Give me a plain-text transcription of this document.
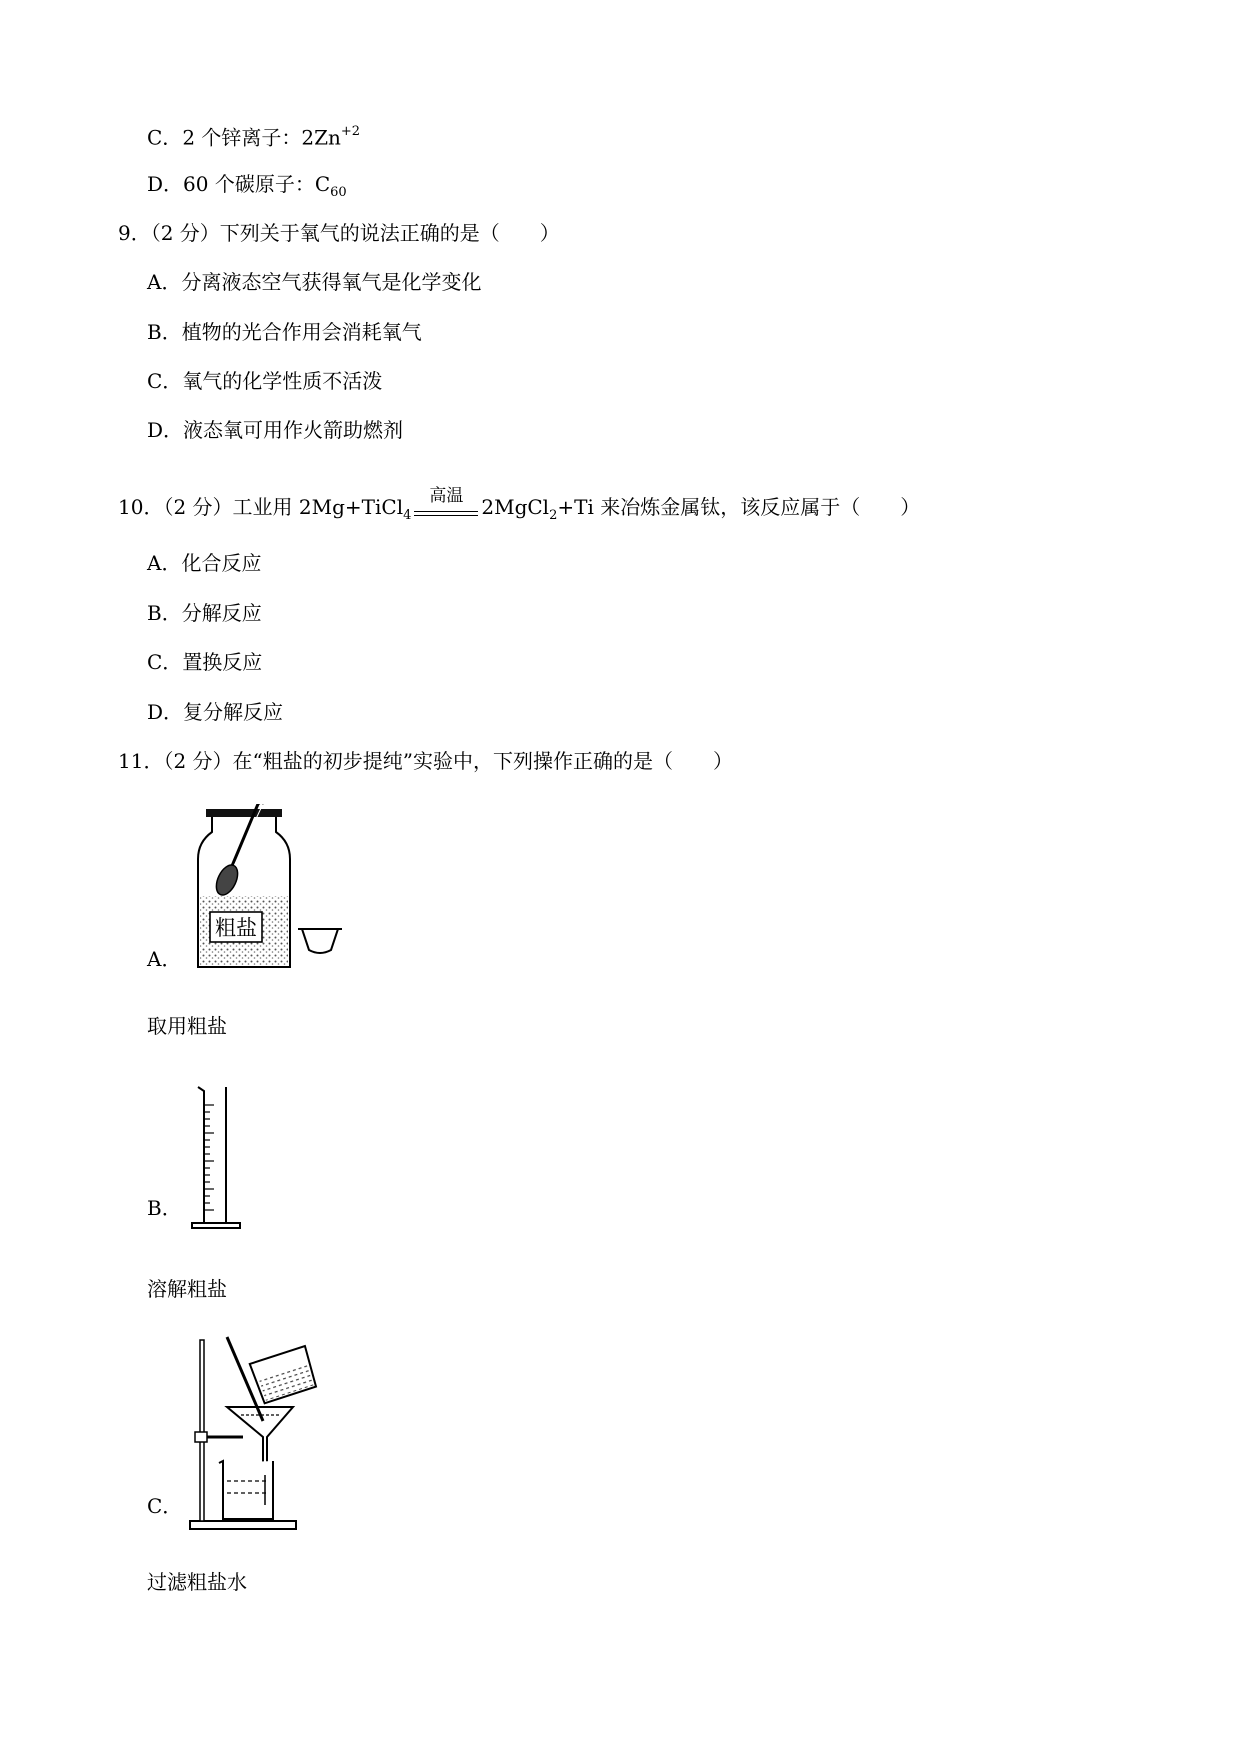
C．2 个锌离子：$2Zn^{+2}$
D．60 个碳原子：$C_{60}$
9．（2 分）下列关于氧气的说法正确的是（　　）
A．分离液态空气获得氧气是化学变化
B．植物的光合作用会消耗氧气
C．氧气的化学性质不活泼
D．液态氧可用作火箭助燃剂
10．（2 分）工业用 2Mg+TiCl$_4$
高温 2MgCl$_2$+Ti 来冶炼金属钛，该反应属于（　　）
A．化合反应
B．分解反应
C．置换反应
D．复分解反应
11．（2 分）在“粗盐的初步提纯”实验中，下列操作正确的是（　　）
粗盐
A．
取用粗盐
B．
溶解粗盐
C．
过滤粗盐水
